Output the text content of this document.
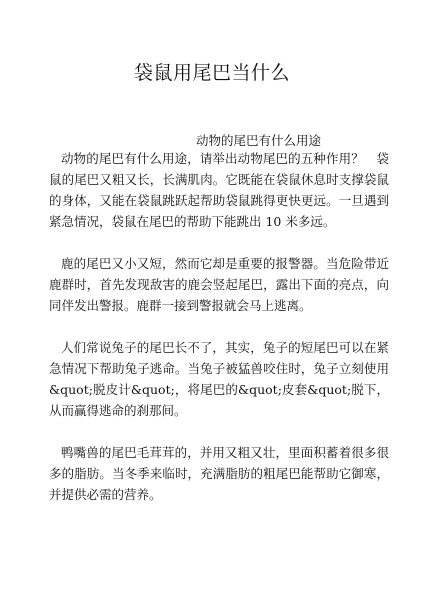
袋鼠用尾巴当什么
动物的尾巴有什么用途

动物的尾巴有什么用途，请举出动物尾巴的五种作用？　袋鼠的尾巴又粗又长，长满肌肉。它既能在袋鼠休息时支撑袋鼠的身体，又能在袋鼠跳跃起帮助袋鼠跳得更快更远。一旦遇到紧急情况，袋鼠在尾巴的帮助下能跳出 10 米多远。

鹿的尾巴又小又短，然而它却是重要的报警器。当危险带近鹿群时，首先发现敌害的鹿会竖起尾巴，露出下面的亮点，向同伴发出警报。鹿群一接到警报就会马上逃离。

人们常说兔子的尾巴长不了，其实，兔子的短尾巴可以在紧急情况下帮助兔子逃命。当兔子被猛兽咬住时，兔子立刻使用&quot;脱皮计&quot;，将尾巴的&quot;皮套&quot;脱下，从而赢得逃命的刹那间。

鸭嘴兽的尾巴毛茸茸的，并用又粗又壮，里面积蓄着很多很多的脂肪。当冬季来临时，充满脂肪的粗尾巴能帮助它御寒，并提供必需的营养。
